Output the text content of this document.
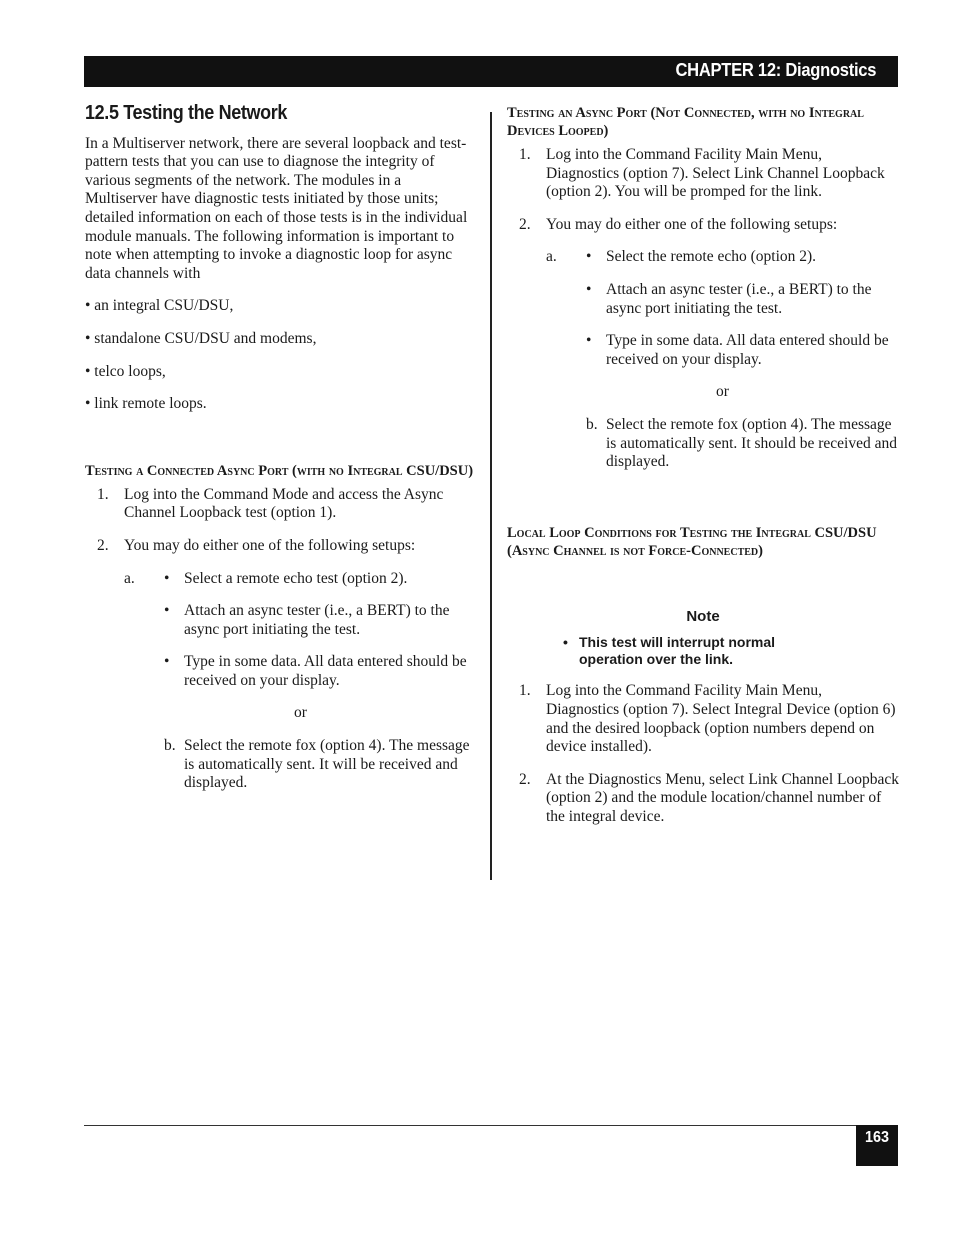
CHAPTER 12: Diagnostics
12.5 Testing the Network

In a Multiserver network, there are several loopback and test-pattern tests that you can use to diagnose the integrity of various segments of the network. The modules in a Multiserver have diagnostic tests initiated by those units; detailed information on each of those tests is in the individual module manuals. The following information is important to note when attempting to invoke a diagnostic loop for async data channels with

• an integral CSU/DSU,

• standalone CSU/DSU and modems,

• telco loops,

• link remote loops.

Testing a Connected Async Port (with no Integral CSU/DSU)

1. Log into the Command Mode and access the Async Channel Loopback test (option 1).
2. You may do either one of the following setups:
a. • Select a remote echo test (option 2).
• Attach an async tester (i.e., a BERT) to the async port initiating the test.
• Type in some data. All data entered should be received on your display.
or
b. Select the remote fox (option 4). The message is automatically sent. It will be received and displayed.

Testing an Async Port (Not Connected, with no Integral Devices Looped)

1. Log into the Command Facility Main Menu, Diagnostics (option 7). Select Link Channel Loopback (option 2). You will be promped for the link.
2. You may do either one of the following setups:
a. • Select the remote echo (option 2).
• Attach an async tester (i.e., a BERT) to the async port initiating the test.
• Type in some data. All data entered should be received on your display.
or
b. Select the remote fox (option 4). The message is automatically sent. It should be received and displayed.

Local Loop Conditions for Testing the Integral CSU/DSU

(Async Channel is not Force-Connected)

Note
• This test will interrupt normal operation over the link.
1. Log into the Command Facility Main Menu, Diagnostics (option 7). Select Integral Device (option 6) and the desired loopback (option numbers depend on device installed).
2. At the Diagnostics Menu, select Link Channel Loopback (option 2) and the module location/channel number of the integral device.
163
